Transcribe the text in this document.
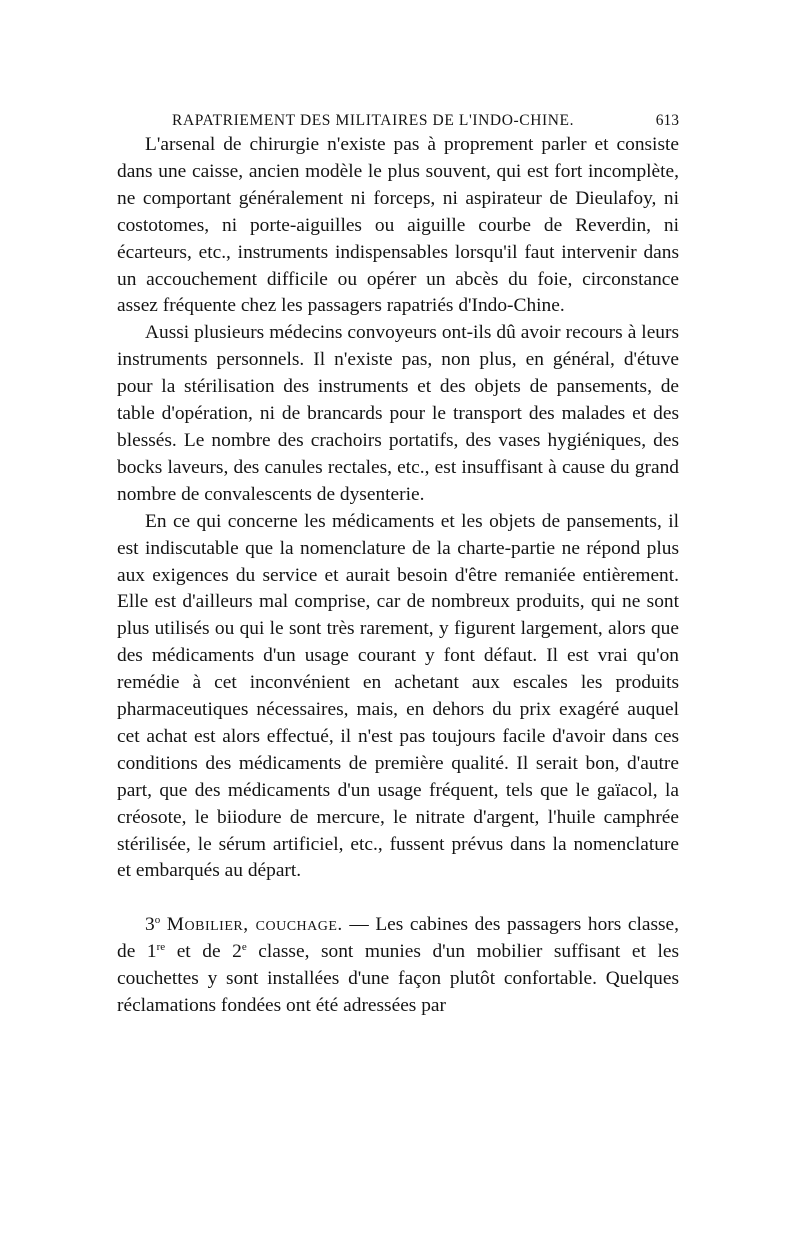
RAPATRIEMENT DES MILITAIRES DE L'INDO-CHINE.	613

L'arsenal de chirurgie n'existe pas à proprement parler et consiste dans une caisse, ancien modèle le plus souvent, qui est fort incomplète, ne comportant généralement ni forceps, ni aspirateur de Dieulafoy, ni costotomes, ni porte-aiguilles ou aiguille courbe de Reverdin, ni écarteurs, etc., instruments indispensables lorsqu'il faut intervenir dans un accouchement difficile ou opérer un abcès du foie, circonstance assez fréquente chez les passagers rapatriés d'Indo-Chine.

Aussi plusieurs médecins convoyeurs ont-ils dû avoir recours à leurs instruments personnels. Il n'existe pas, non plus, en général, d'étuve pour la stérilisation des instruments et des objets de pansements, de table d'opération, ni de brancards pour le transport des malades et des blessés. Le nombre des crachoirs portatifs, des vases hygiéniques, des bocks laveurs, des canules rectales, etc., est insuffisant à cause du grand nombre de convalescents de dysenterie.

En ce qui concerne les médicaments et les objets de pansements, il est indiscutable que la nomenclature de la charte-partie ne répond plus aux exigences du service et aurait besoin d'être remaniée entièrement. Elle est d'ailleurs mal comprise, car de nombreux produits, qui ne sont plus utilisés ou qui le sont très rarement, y figurent largement, alors que des médicaments d'un usage courant y font défaut. Il est vrai qu'on remédie à cet inconvénient en achetant aux escales les produits pharmaceutiques nécessaires, mais, en dehors du prix exagéré auquel cet achat est alors effectué, il n'est pas toujours facile d'avoir dans ces conditions des médicaments de première qualité. Il serait bon, d'autre part, que des médicaments d'un usage fréquent, tels que le gaïacol, la créosote, le biiodure de mercure, le nitrate d'argent, l'huile camphrée stérilisée, le sérum artificiel, etc., fussent prévus dans la nomenclature et embarqués au départ.

3$^o$ Mobilier, couchage. — Les cabines des passagers hors classe, de 1re et de 2e classe, sont munies d'un mobilier suffisant et les couchettes y sont installées d'une façon plutôt confortable. Quelques réclamations fondées ont été adressées par
